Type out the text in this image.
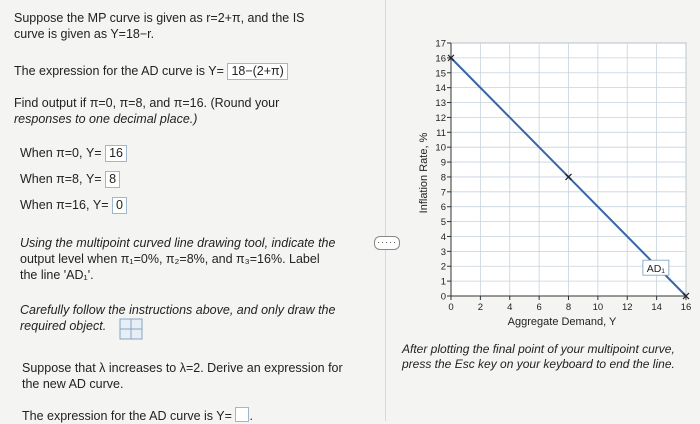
Suppose the MP curve is given as r=2+π, and the IS
curve is given as Y=18−r.
The expression for the AD curve is Y= 18−(2+π)
Find output if π=0, π=8, and π=16. (Round your
responses to one decimal place.)
When π=0, Y= 16
When π=8, Y= 8
When π=16, Y= 0
Using the multipoint curved line drawing tool, indicate the
output level when π₁=0%, π₂=8%, and π₃=16%. Label
the line 'AD₁'.
Carefully follow the instructions above, and only draw the
required object.
Suppose that λ increases to λ=2. Derive an expression for
the new AD curve.
The expression for the AD curve is Y= .
·····
0
1
2
3
4
5
6
7
8
9
10
11
12
13
14
15
16
17
0	2	4	6	8 10 12 14 16
AD₁
Aggregate Demand, Y
Inflation Rate, %
After plotting the final point of your multipoint curve, press the Esc key on your keyboard to end the line.
